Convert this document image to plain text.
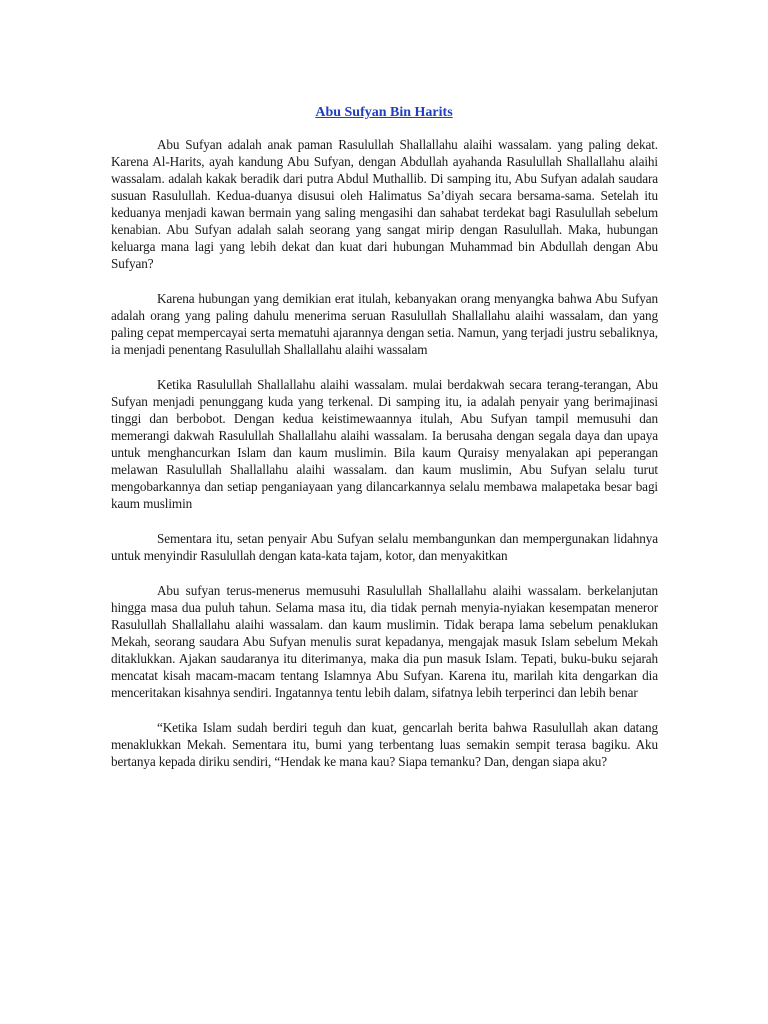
Abu Sufyan Bin Harits

Abu Sufyan adalah anak paman Rasulullah Shallallahu alaihi wassalam. yang paling dekat. Karena Al-Harits, ayah kandung Abu Sufyan, dengan Abdullah ayahanda Rasulullah Shallallahu alaihi wassalam. adalah kakak beradik dari putra Abdul Muthallib. Di samping itu, Abu Sufyan adalah saudara susuan Rasulullah. Kedua-duanya disusui oleh Halimatus Sa’diyah secara bersama-sama. Setelah itu keduanya menjadi kawan bermain yang saling mengasihi dan sahabat terdekat bagi Rasulullah sebelum kenabian. Abu Sufyan adalah salah seorang yang sangat mirip dengan Rasulullah. Maka, hubungan keluarga mana lagi yang lebih dekat dan kuat dari hubungan Muhammad bin Abdullah dengan Abu Sufyan?

Karena hubungan yang demikian erat itulah, kebanyakan orang menyangka bahwa Abu Sufyan adalah orang yang paling dahulu menerima seruan Rasulullah Shallallahu alaihi wassalam, dan yang paling cepat mempercayai serta mematuhi ajarannya dengan setia. Namun, yang terjadi justru sebaliknya, ia menjadi penentang Rasulullah Shallallahu alaihi wassalam

Ketika Rasulullah Shallallahu alaihi wassalam. mulai berdakwah secara terang-terangan, Abu Sufyan menjadi penunggang kuda yang terkenal. Di samping itu, ia adalah penyair yang berimajinasi tinggi dan berbobot. Dengan kedua keistimewaannya itulah, Abu Sufyan tampil memusuhi dan memerangi dakwah Rasulullah Shallallahu alaihi wassalam. Ia berusaha dengan segala daya dan upaya untuk menghancurkan Islam dan kaum muslimin. Bila kaum Quraisy menyalakan api peperangan melawan Rasulullah Shallallahu alaihi wassalam. dan kaum muslimin, Abu Sufyan selalu turut mengobarkannya dan setiap penganiayaan yang dilancarkannya selalu membawa malapetaka besar bagi kaum muslimin

Sementara itu, setan penyair Abu Sufyan selalu membangunkan dan mempergunakan lidahnya untuk menyindir Rasulullah dengan kata-kata tajam, kotor, dan menyakitkan

Abu sufyan terus-menerus memusuhi Rasulullah Shallallahu alaihi wassalam. berkelanjutan hingga masa dua puluh tahun. Selama masa itu, dia tidak pernah menyia-nyiakan kesempatan meneror Rasulullah Shallallahu alaihi wassalam. dan kaum muslimin. Tidak berapa lama sebelum penaklukan Mekah, seorang saudara Abu Sufyan menulis surat kepadanya, mengajak masuk Islam sebelum Mekah ditaklukkan. Ajakan saudaranya itu diterimanya, maka dia pun masuk Islam. Tepati, buku-buku sejarah mencatat kisah macam-macam tentang Islamnya Abu Sufyan. Karena itu, marilah kita dengarkan dia menceritakan kisahnya sendiri. Ingatannya tentu lebih dalam, sifatnya lebih terperinci dan lebih benar

“Ketika Islam sudah berdiri teguh dan kuat, gencarlah berita bahwa Rasulullah akan datang menaklukkan Mekah. Sementara itu, bumi yang terbentang luas semakin sempit terasa bagiku. Aku bertanya kepada diriku sendiri, “Hendak ke mana kau? Siapa temanku? Dan, dengan siapa aku?
